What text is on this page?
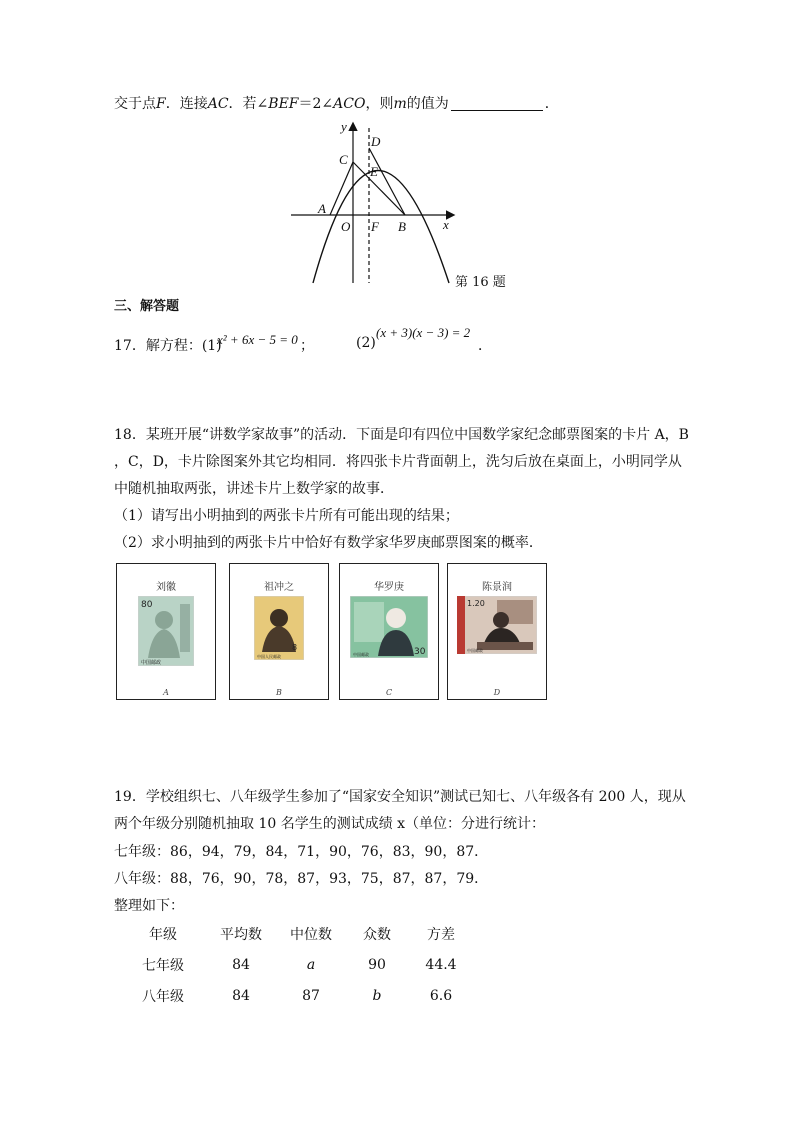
交于点F．连接AC．若∠BEF＝2∠ACO，则m的值为	．
y
x
C
D
E
A
O F B
第 16 题
三、解答题
17．解方程：(1)
x² + 6x − 5 = 0 ；	(2)
(x + 3)(x − 3) = 2
．
18．某班开展“讲数学家故事”的活动．下面是印有四位中国数学家纪念邮票图案的卡片 A，B
，C，D，卡片除图案外其它均相同．将四张卡片背面朝上，洗匀后放在桌面上，小明同学从
中随机抽取两张，讲述卡片上数学家的故事．
（1）请写出小明抽到的两张卡片所有可能出现的结果；
（2）求小明抽到的两张卡片中恰好有数学家华罗庚邮票图案的概率．
刘徽
80
中国邮政
A
祖冲之
8
中国人民邮政
B
华罗庚
30
中国邮政
C
陈景润
1.20
中国邮政
D
19．学校组织七、八年级学生参加了“国家安全知识”测试已知七、八年级各有 200 人，现从
两个年级分别随机抽取 10 名学生的测试成绩 x（单位：分进行统计：
七年级：86，94，79，84，71，90，76，83，90，87．
八年级：88，76，90，78，87，93，75，87，87，79．
整理如下：
年级	平均数	中位数	众数	方差
七年级	84	a	90	44.4
八年级	84	87	b	6.6
